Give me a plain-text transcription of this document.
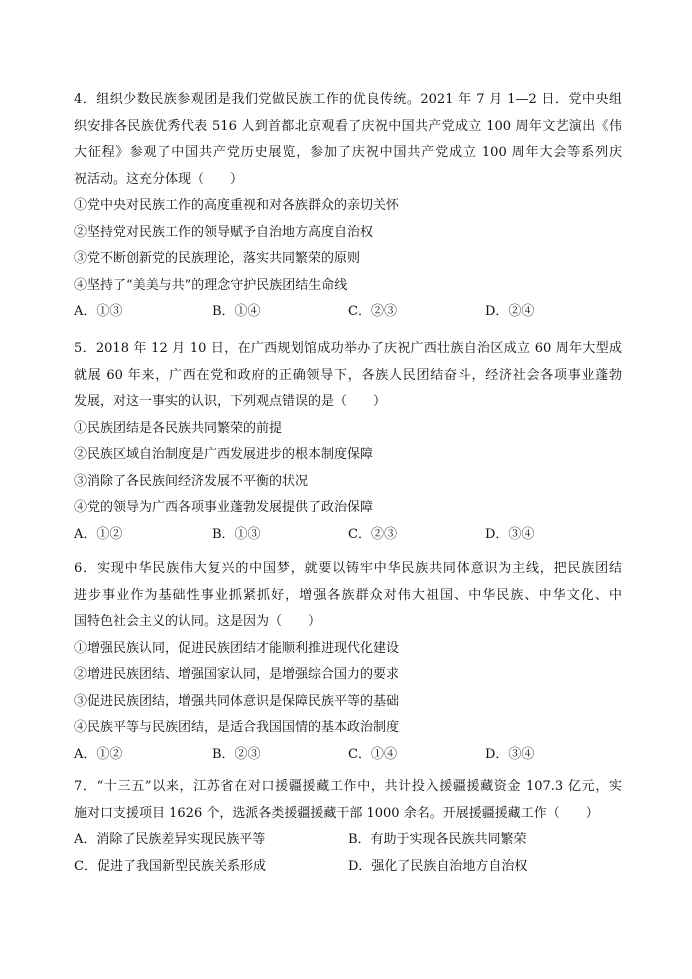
4．组织少数民族参观团是我们党做民族工作的优良传统。2021 年 7 月 1—2 日．党中央组
织安排各民族优秀代表 516 人到首都北京观看了庆祝中国共产党成立 100 周年文艺演出《伟
大征程》参观了中国共产党历史展览，参加了庆祝中国共产党成立 100 周年大会等系列庆
祝活动。这充分体现（　　）
①党中央对民族工作的高度重视和对各族群众的亲切关怀
②坚持党对民族工作的领导赋予自治地方高度自治权
③党不断创新党的民族理论，落实共同繁荣的原则
④坚持了“美美与共”的理念守护民族团结生命线
A．①③	B．①④	C．②③	D．②④
5．2018 年 12 月 10 日，在广西规划馆成功举办了庆祝广西壮族自治区成立 60 周年大型成
就展 60 年来，广西在党和政府的正确领导下，各族人民团结奋斗，经济社会各项事业蓬勃
发展，对这一事实的认识，下列观点错误的是（　　）
①民族团结是各民族共同繁荣的前提
②民族区域自治制度是广西发展进步的根本制度保障
③消除了各民族间经济发展不平衡的状况
④党的领导为广西各项事业蓬勃发展提供了政治保障
A．①②	B．①③	C．②③	D．③④
6．实现中华民族伟大复兴的中国梦，就要以铸牢中华民族共同体意识为主线，把民族团结
进步事业作为基础性事业抓紧抓好，增强各族群众对伟大祖国、中华民族、中华文化、中
国特色社会主义的认同。这是因为（　　）
①增强民族认同，促进民族团结才能顺利推进现代化建设
②增进民族团结、增强国家认同，是增强综合国力的要求
③促进民族团结，增强共同体意识是保障民族平等的基础
④民族平等与民族团结，是适合我国国情的基本政治制度
A．①②	B．②③	C．①④	D．③④
7．“十三五”以来，江苏省在对口援疆援藏工作中，共计投入援疆援藏资金 107.3 亿元，实
施对口支援项目 1626 个，选派各类援疆援藏干部 1000 余名。开展援疆援藏工作（　　）
A．消除了民族差异实现民族平等	B．有助于实现各民族共同繁荣
C．促进了我国新型民族关系形成	D．强化了民族自治地方自治权
